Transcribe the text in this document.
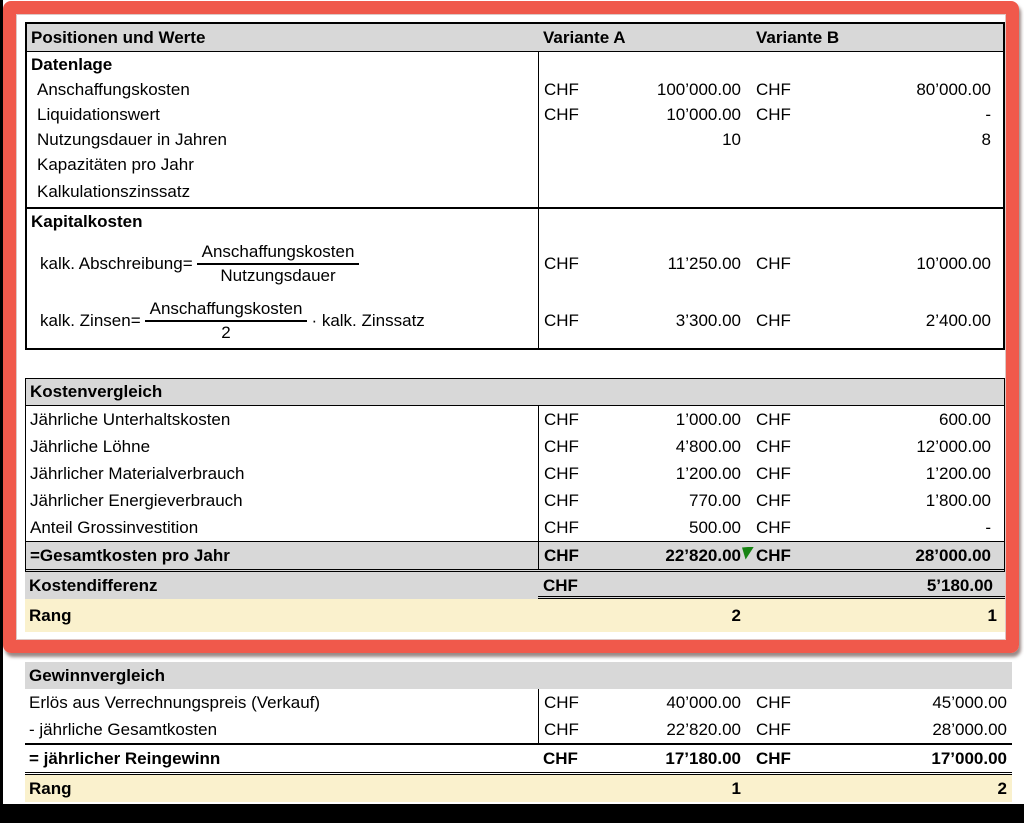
Positionen und Werte	Variante A	Variante B
Datenlage
Anschaffungskosten	CHF	100’000.00 CHF	80’000.00
Liquidationswert	CHF	10’000.00 CHF	-
Nutzungsdauer in Jahren	10	8
Kapazitäten pro Jahr
Kalkulationszinssatz
Kapitalkosten
kalk. Abschreibung= $\frac{\text{Anschaffungskosten}}{\text{Nutzungsdauer}}$	CHF	11’250.00 CHF	10’000.00
kalk. Zinsen= $\frac{\text{Anschaffungskosten}}{2}$ · kalk. Zinssatz	CHF	3’300.00 CHF	2’400.00
Kostenvergleich
Jährliche Unterhaltskosten	CHF	1’000.00 CHF	600.00
Jährliche Löhne	CHF	4’800.00 CHF	12’000.00
Jährlicher Materialverbrauch	CHF	1’200.00 CHF	1’200.00
Jährlicher Energieverbrauch	CHF	770.00 CHF	1’800.00
Anteil Grossinvestition	CHF	500.00 CHF	-
=Gesamtkosten pro Jahr	CHF	22’820.00 CHF	28’000.00
Kostendifferenz	CHF	5’180.00
Rang	2	1
Gewinnvergleich
Erlös aus Verrechnungspreis (Verkauf)	CHF	40’000.00 CHF	45’000.00
- jährliche Gesamtkosten	CHF	22’820.00 CHF	28’000.00
= jährlicher Reingewinn	CHF	17’180.00 CHF	17’000.00
Rang	1	2
